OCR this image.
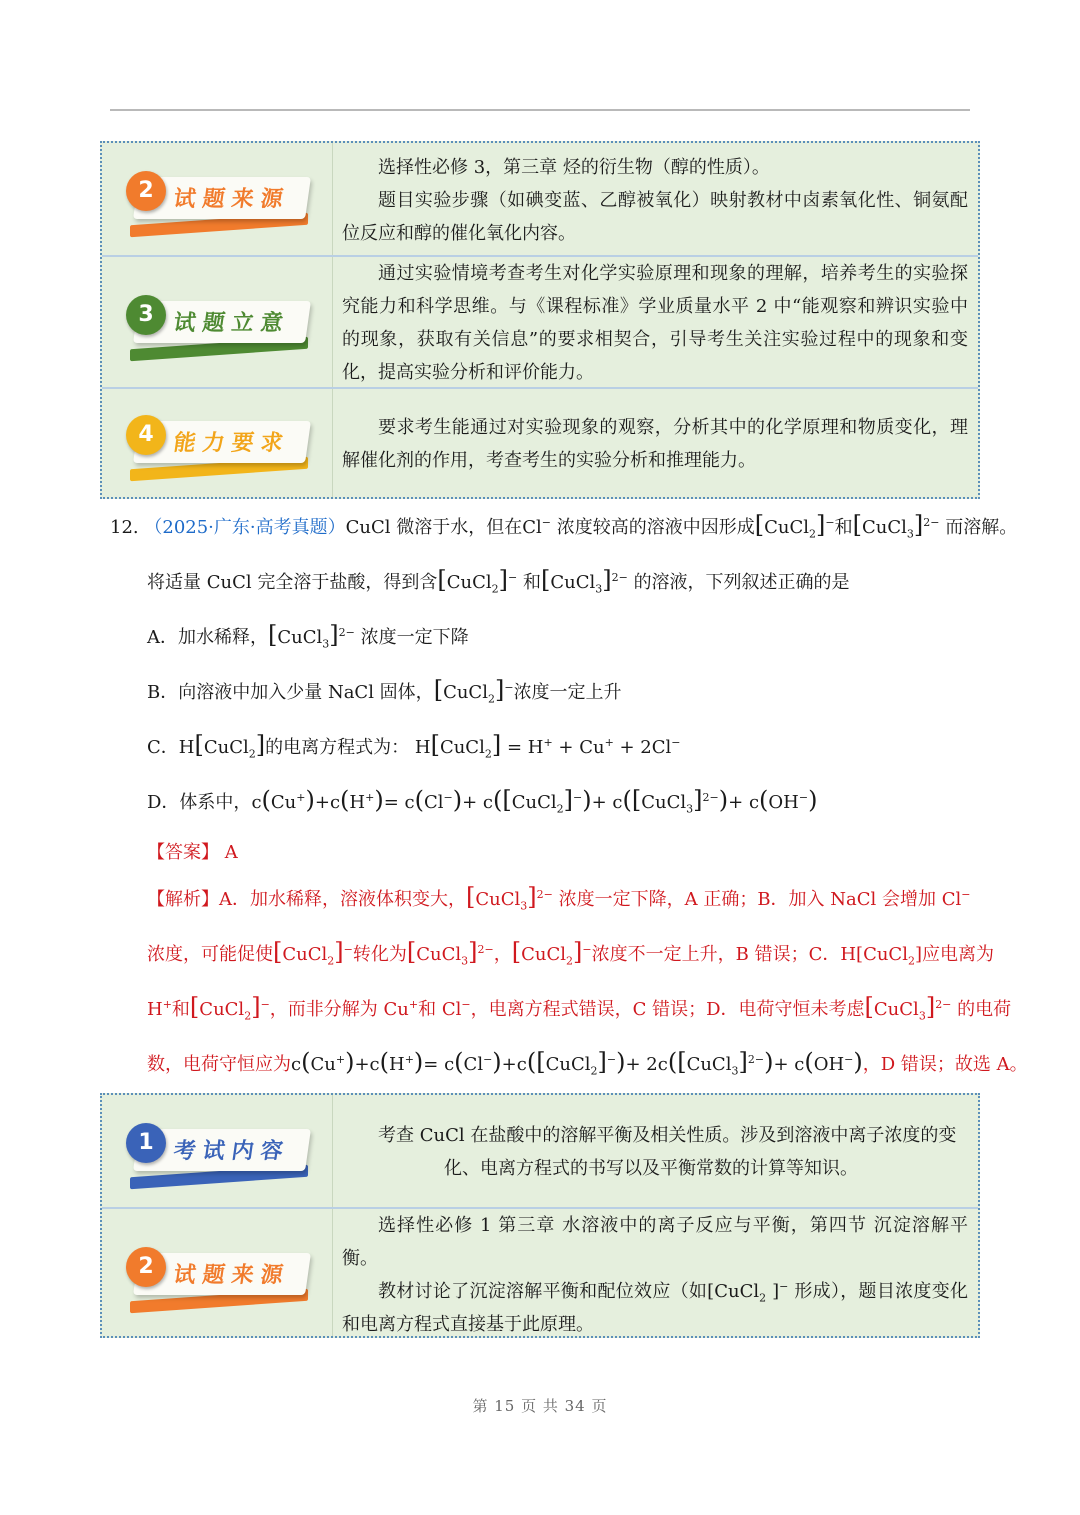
2 试题来源

选择性必修 3，第三章 烃的衍生物（醇的性质）。

题目实验步骤（如碘变蓝、乙醇被氧化）映射教材中卤素氧化性、铜氨配位反应和醇的催化氧化内容。

3 试题立意

通过实验情境考查考生对化学实验原理和现象的理解，培养考生的实验探究能力和科学思维。与《课程标准》学业质量水平 2 中“能观察和辨识实验中的现象，获取有关信息”的要求相契合，引导考生关注实验过程中的现象和变化，提高实验分析和评价能力。

4 能力要求

要求考生能通过对实验现象的观察，分析其中的化学原理和物质变化，理解催化剂的作用，考查考生的实验分析和推理能力。

12. （2025·广东·高考真题）CuCl 微溶于水，但在Cl− 浓度较高的溶液中因形成[CuCl$_2$]−和[CuCl$_3$]$^{2-}$ 而溶解。
将适量 CuCl 完全溶于盐酸，得到含[CuCl$_2$]− 和[CuCl$_3$]$^{2-}$ 的溶液，下列叙述正确的是
A．加水稀释，[CuCl$_3$]$^{2-}$ 浓度一定下降
B．向溶液中加入少量 NaCl 固体，[CuCl$_2$]−浓度一定上升
C．H[CuCl$_2$]的电离方程式为： H[CuCl$_2$] = H+ + Cu+ + 2Cl−
D．体系中，c(Cu+)+c(H+)= c(Cl−)+ c([CuCl$_2$]−)+ c([CuCl$_3$]$^{2-}$)+ c(OH−)
【答案】 A
【解析】A．加水稀释，溶液体积变大，[CuCl$_3$]$^{2-}$ 浓度一定下降，A 正确；B．加入 NaCl 会增加 Cl−
浓度，可能促使[CuCl$_2$]−转化为[CuCl$_3$]$^{2-}$，[CuCl$_2$]−浓度不一定上升，B 错误；C．H[CuCl$_2$]应电离为
H+和[CuCl$_2$]−，而非分解为 Cu+和 Cl−，电离方程式错误，C 错误；D．电荷守恒未考虑[CuCl$_3$]$^{2-}$ 的电荷
数，电荷守恒应为c(Cu+)+c(H+)= c(Cl−)+c([CuCl$_2$]−)+ 2c([CuCl$_3$]$^{2-}$)+ c(OH−)，D 错误；故选 A。
1 考试内容

考查 CuCl 在盐酸中的溶解平衡及相关性质。涉及到溶液中离子浓度的变

化、电离方程式的书写以及平衡常数的计算等知识。

2 试题来源

选择性必修 1 第三章 水溶液中的离子反应与平衡，第四节 沉淀溶解平衡。

教材讨论了沉淀溶解平衡和配位效应（如[CuCl$_2$ ]− 形成），题目浓度变化和电离方程式直接基于此原理。

第 15 页 共 34 页
